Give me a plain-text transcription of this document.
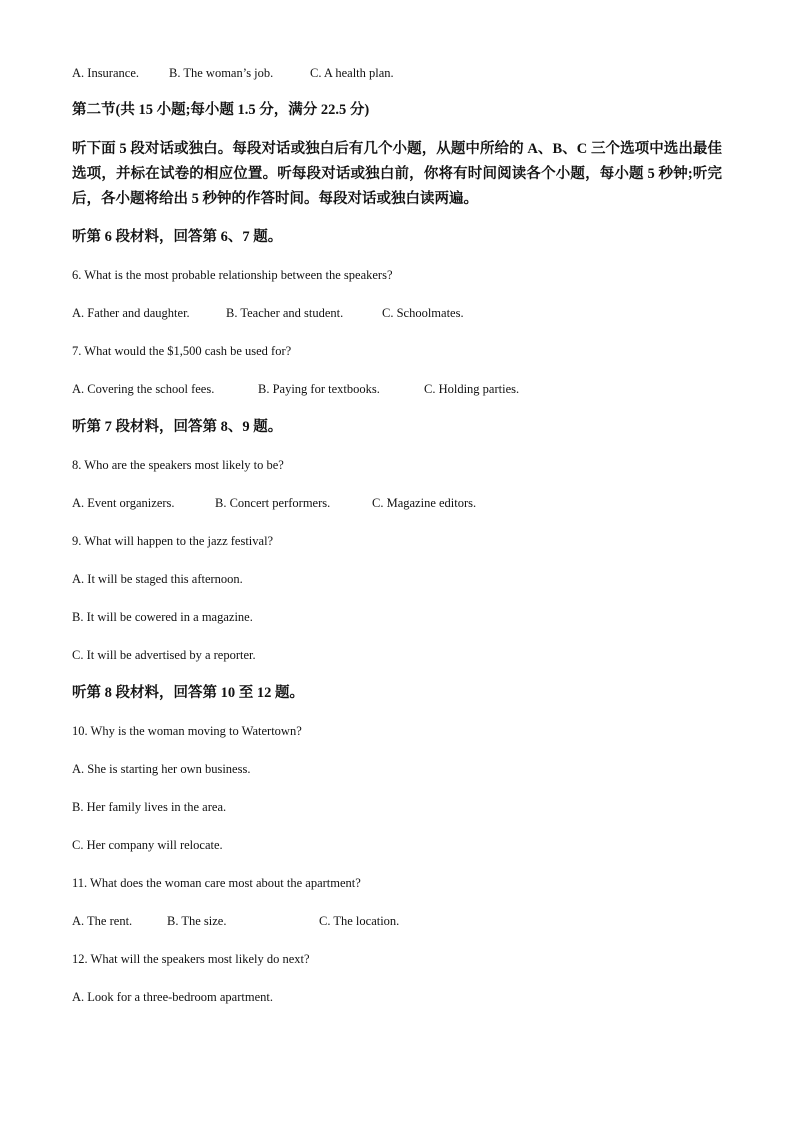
A. Insurance. B. The woman’s job.	C. A health plan.
第二节(共 15 小题;每小题 1.5 分，满分 22.5 分)
听下面 5 段对话或独白。每段对话或独白后有几个小题，从题中所给的 A、B、C 三个选项中选出最佳选项，并标在试卷的相应位置。听每段对话或独白前，你将有时间阅读各个小题，每小题 5 秒钟;听完后，各小题将给出 5 秒钟的作答时间。每段对话或独白读两遍。
听第 6 段材料，回答第 6、7 题。
6. What is the most probable relationship between the speakers?
A. Father and daughter.	B. Teacher and student.	C. Schoolmates.
7. What would the $1,500 cash be used for?
A. Covering the school fees.	B. Paying for textbooks.	C. Holding parties.
听第 7 段材料，回答第 8、9 题。
8. Who are the speakers most likely to be?
A. Event organizers.	B. Concert performers.	C. Magazine editors.
9. What will happen to the jazz festival?
A. It will be staged this afternoon.
B. It will be cowered in a magazine.
C. It will be advertised by a reporter.
听第 8 段材料，回答第 10 至 12 题。
10. Why is the woman moving to Watertown?
A. She is starting her own business.
B. Her family lives in the area.
C. Her company will relocate.
11. What does the woman care most about the apartment?
A. The rent.	B. The size.	C. The location.
12. What will the speakers most likely do next?
A. Look for a three-bedroom apartment.
